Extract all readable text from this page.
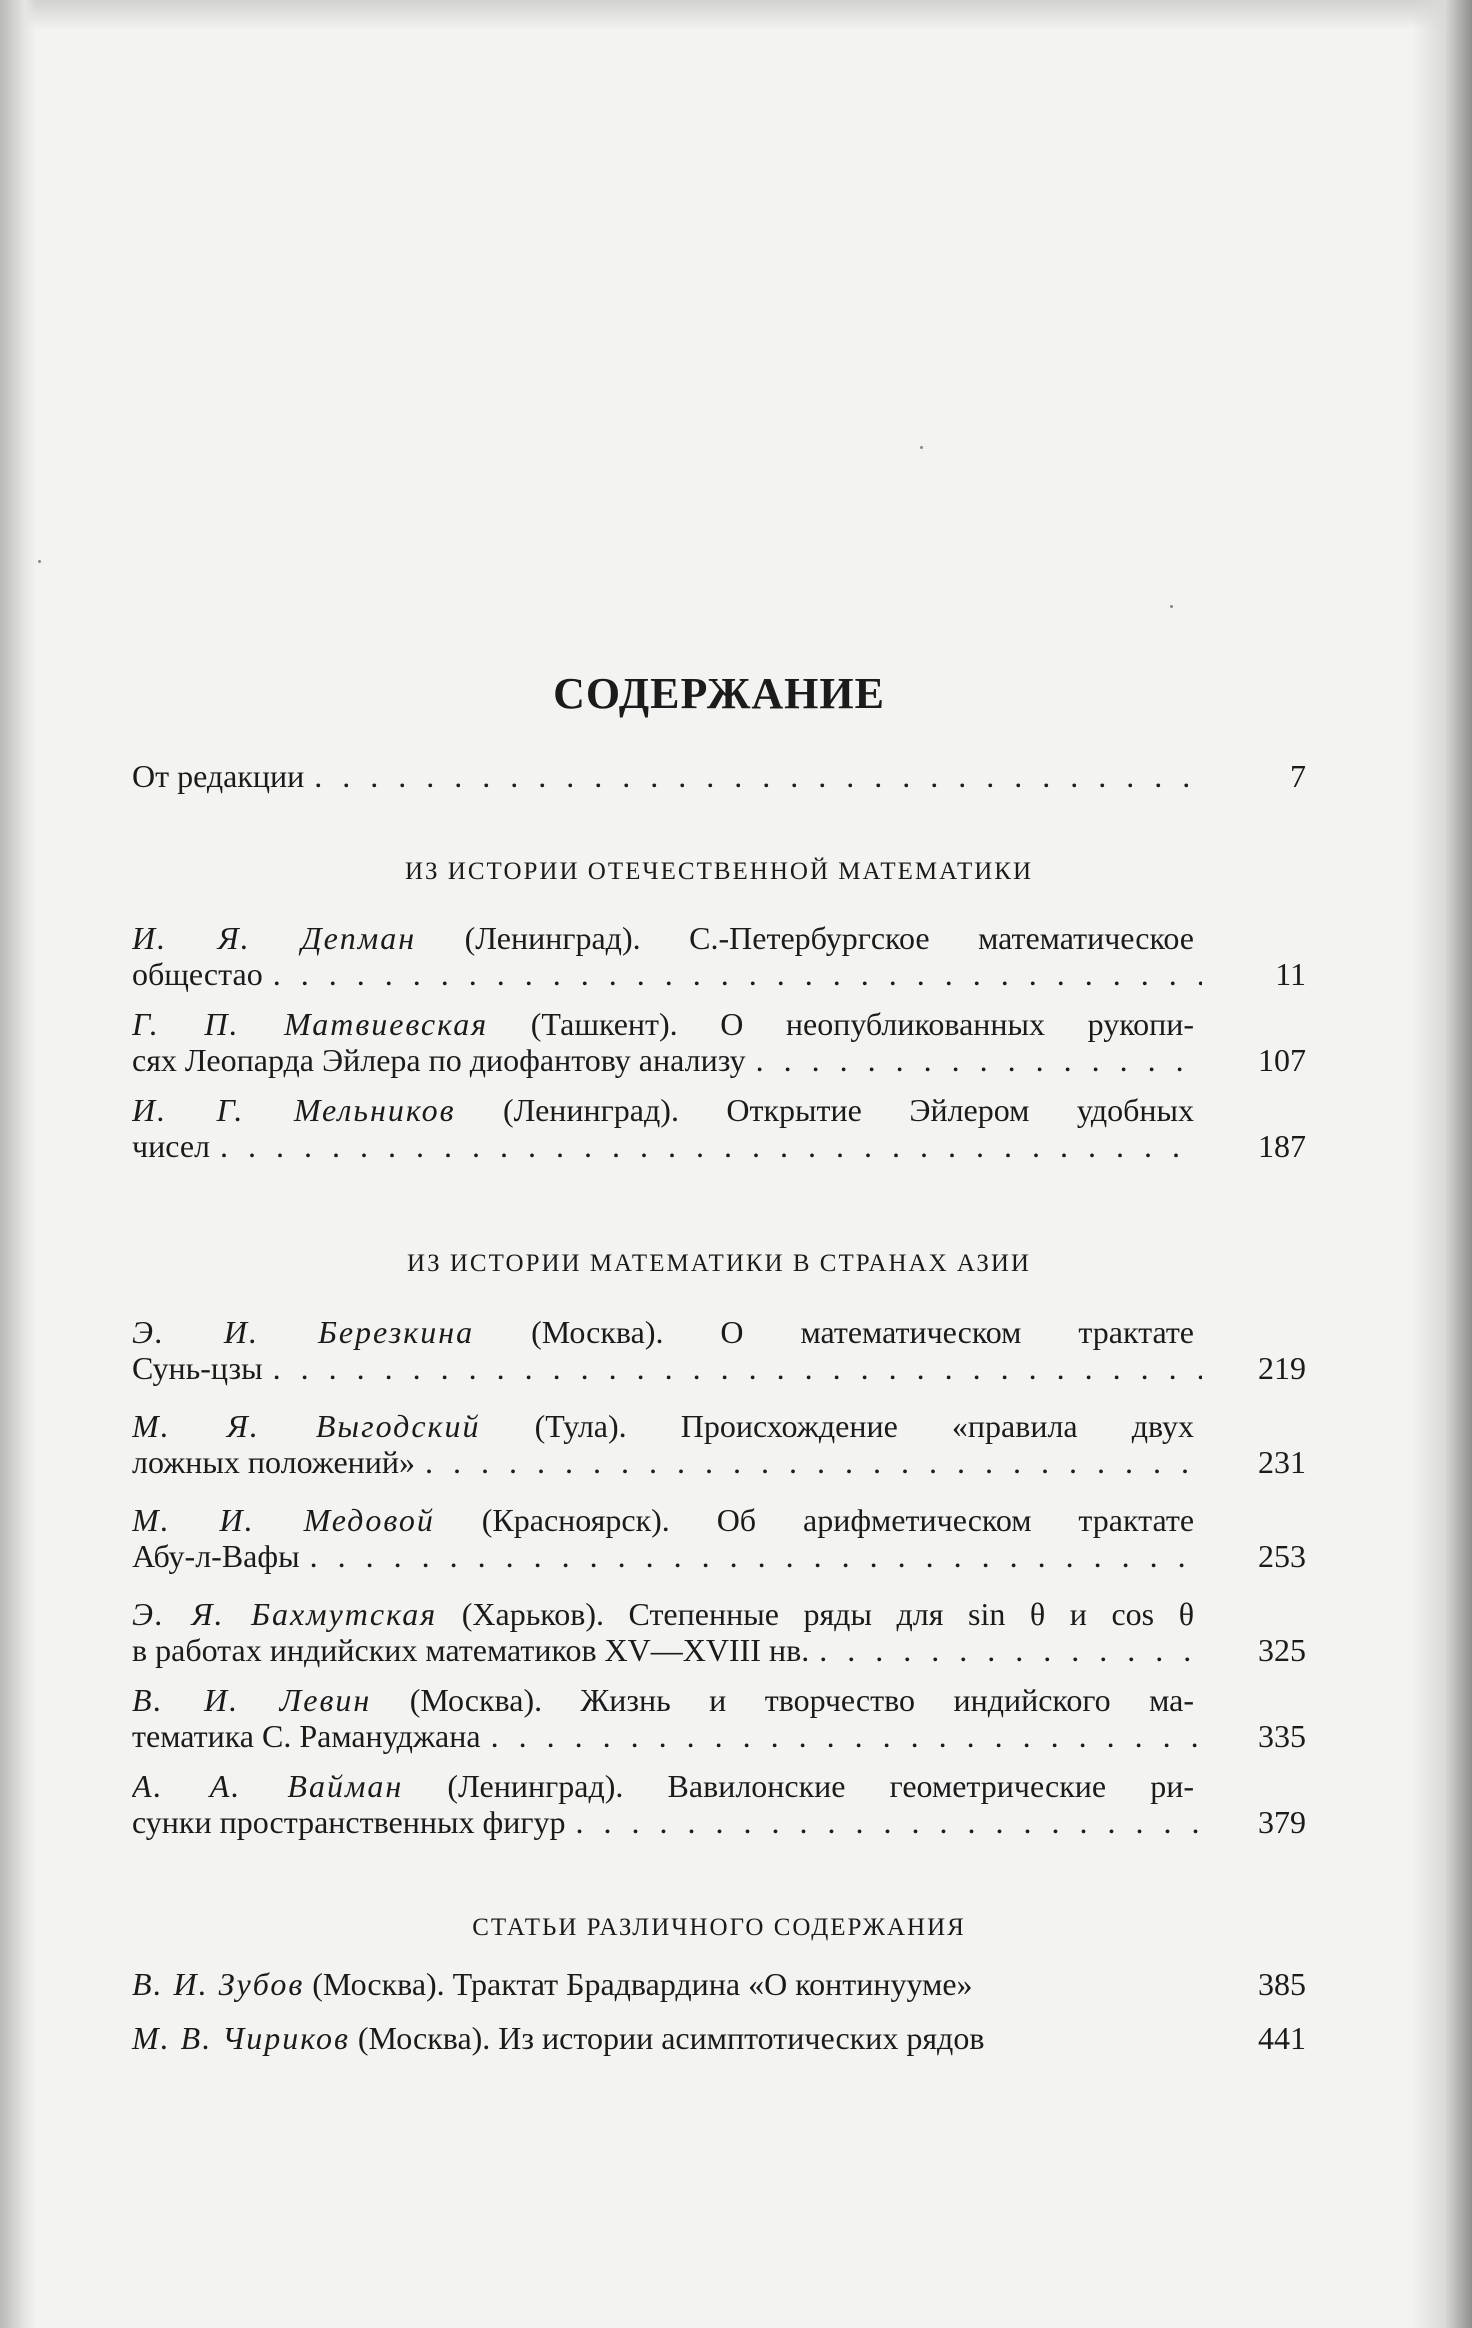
СОДЕРЖАНИЕ
От редакции . . .	7
ИЗ ИСТОРИИ ОТЕЧЕСТВЕННОЙ МАТЕМАТИКИ
И. Я. Депман (Ленинград). С.-Петербургское математическое
общестао . . .	11
Г. П. Матвиевская (Ташкент). О неопубликованных рукопи-
сях Леопарда Эйлера по диофантову анализу . . .	107
И. Г. Мельников (Ленинград). Открытие Эйлером удобных
чисел . . .	187
ИЗ ИСТОРИИ МАТЕМАТИКИ В СТРАНАХ АЗИИ
Э. И. Березкина (Москва). О математическом трактате
Сунь-цзы . . .	219
М. Я. Выгодский (Тула). Происхождение «правила двух
ложных положений» . . .	231
М. И. Медовой (Красноярск). Об арифметическом трактате
Абу-л-Вафы . . .	253
Э. Я. Бахмутская (Харьков). Степенные ряды для sin θ и cos θ
в работах индийских математиков XV—XVIII нв. . . .	325
В. И. Левин (Москва). Жизнь и творчество индийского ма-
тематика С. Рамануджана . . .	335
А. А. Вайман (Ленинград). Вавилонские геометрические ри-
сунки пространственных фигур . . .	379
СТАТЬИ РАЗЛИЧНОГО СОДЕРЖАНИЯ
В. И. Зубов (Москва). Трактат Брадвардина «О континууме»	385
М. В. Чириков (Москва). Из истории асимптотических рядов	441
